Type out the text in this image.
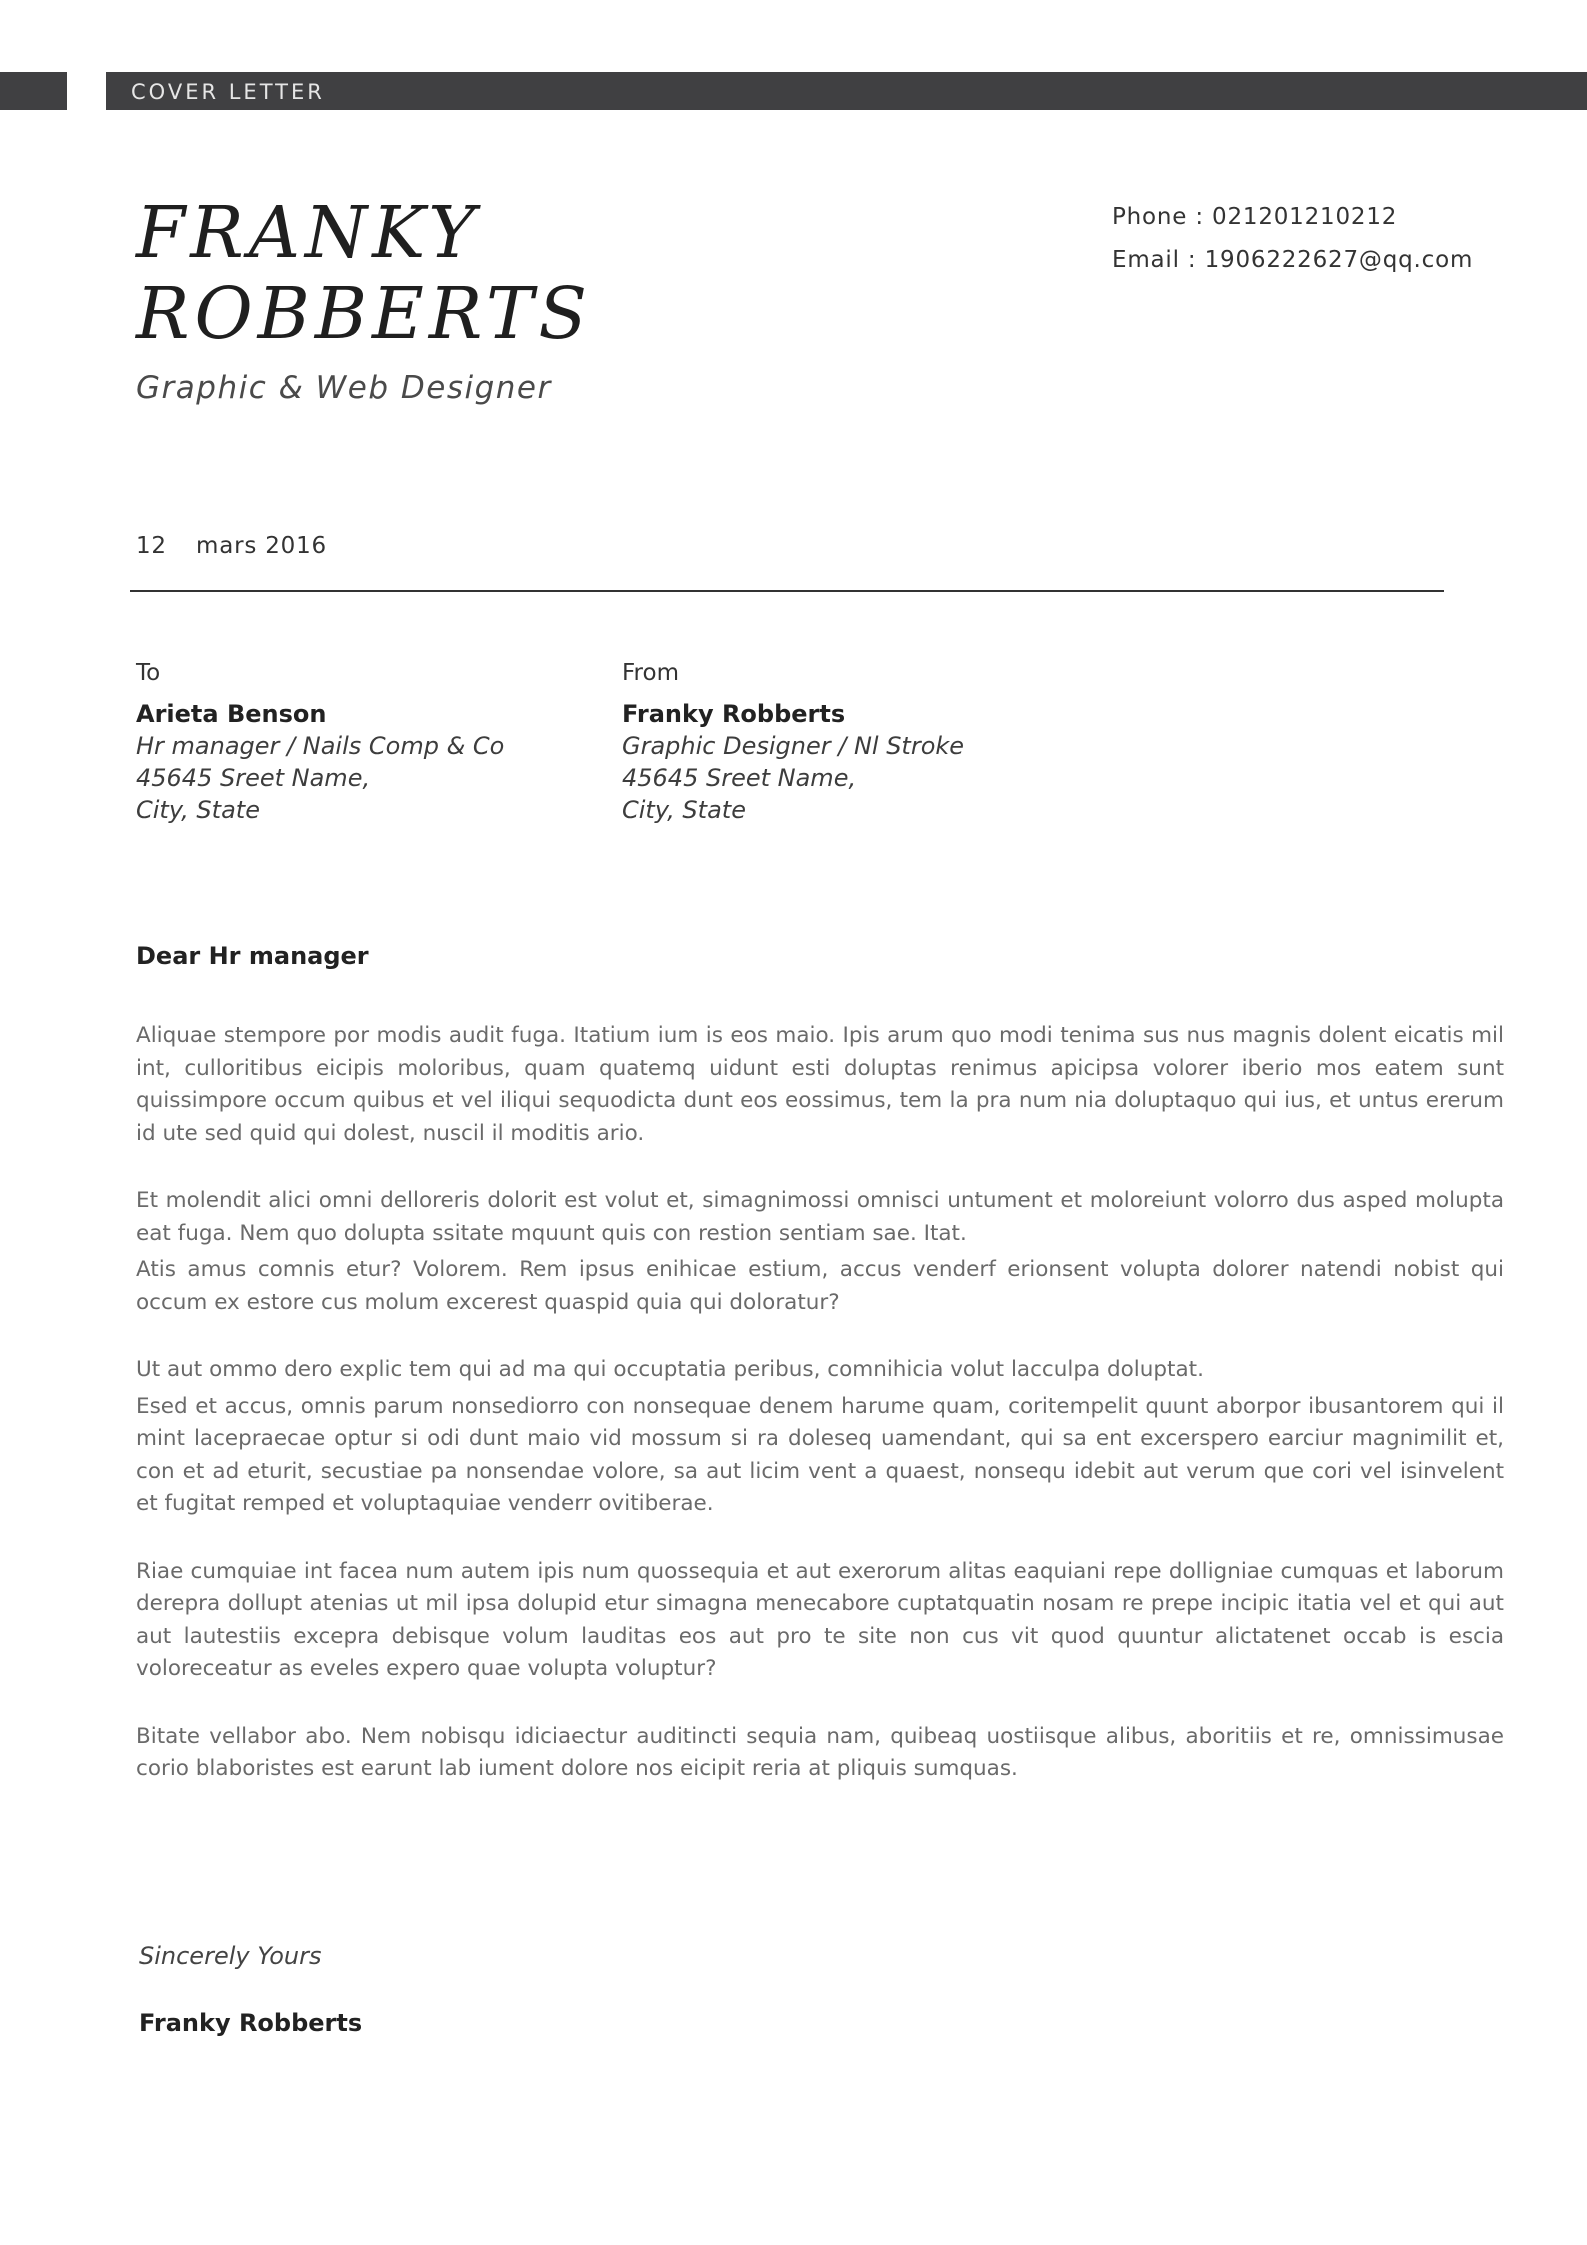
COVER LETTER
FRANKY
ROBBERTS
Graphic & Web Designer
Phone : 021201210212
Email : 1906222627@qq.com
12 mars 2016
To
Arieta Benson
Hr manager / Nails Comp & Co
45645 Sreet Name,
City, State
From
Franky Robberts
Graphic Designer / Nl Stroke
45645 Sreet Name,
City, State
Dear Hr manager

Aliquae stempore por modis audit fuga. Itatium ium is eos maio. Ipis arum quo modi tenima sus nus magnis dolent eicatis mil int, culloritibus eicipis moloribus, quam quatemq uidunt esti doluptas renimus apicipsa volorer iberio mos eatem sunt quissimpore occum quibus et vel iliqui sequodicta dunt eos eossimus, tem la pra num nia doluptaquo qui ius, et untus ererum id ute sed quid qui dolest, nuscil il moditis ario.

Et molendit alici omni delloreris dolorit est volut et, simagnimossi omnisci untument et moloreiunt volorro dus asped molupta eat fuga. Nem quo dolupta ssitate mquunt quis con restion sentiam sae. Itat.

Atis amus comnis etur? Volorem. Rem ipsus enihicae estium, accus venderf erionsent volupta dolorer natendi nobist qui occum ex estore cus molum excerest quaspid quia qui doloratur?

Ut aut ommo dero explic tem qui ad ma qui occuptatia peribus, comnihicia volut lacculpa doluptat.

Esed et accus, omnis parum nonsediorro con nonsequae denem harume quam, coritempelit quunt aborpor ibusantorem qui il mint lacepraecae optur si odi dunt maio vid mossum si ra doleseq uamendant, qui sa ent excerspero earciur magnimilit et, con et ad eturit, secustiae pa nonsendae volore, sa aut licim vent a quaest, nonsequ idebit aut verum que cori vel isinvelent et fugitat remped et voluptaquiae venderr ovitiberae.

Riae cumquiae int facea num autem ipis num quossequia et aut exerorum alitas eaquiani repe dolligniae cumquas et laborum derepra dollupt atenias ut mil ipsa dolupid etur simagna menecabore cuptatquatin nosam re prepe incipic itatia vel et qui aut aut lautestiis excepra debisque volum lauditas eos aut pro te site non cus vit quod quuntur alictatenet occab is escia voloreceatur as eveles expero quae volupta voluptur?

Bitate vellabor abo. Nem nobisqu idiciaectur auditincti sequia nam, quibeaq uostiisque alibus, aboritiis et re, omnissimusae corio blaboristes est earunt lab iument dolore nos eicipit reria at pliquis sumquas.

Sincerely Yours
Franky Robberts
